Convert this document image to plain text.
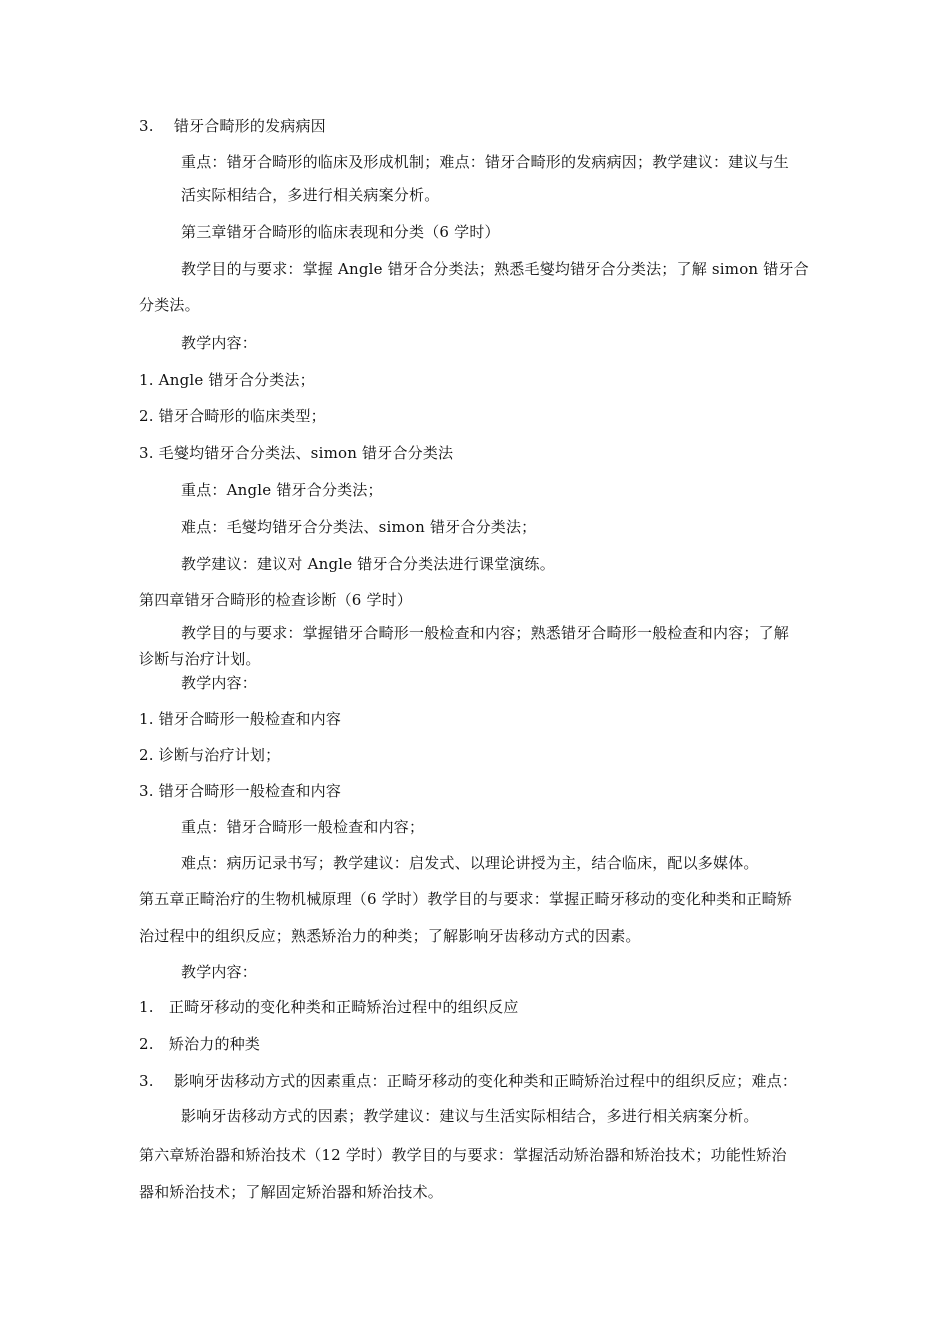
3.　 错牙合畸形的发病病因
重点：错牙合畸形的临床及形成机制；难点：错牙合畸形的发病病因；教学建议：建议与生
活实际相结合，多进行相关病案分析。
第三章错牙合畸形的临床表现和分类（6 学时）
教学目的与要求：掌握 Angle 错牙合分类法；熟悉毛燮均错牙合分类法；了解 simon 错牙合
分类法。
教学内容：
1. Angle 错牙合分类法；
2. 错牙合畸形的临床类型；
3. 毛燮均错牙合分类法、simon 错牙合分类法
重点：Angle 错牙合分类法；
难点：毛燮均错牙合分类法、simon 错牙合分类法；
教学建议：建议对 Angle 错牙合分类法进行课堂演练。
第四章错牙合畸形的检查诊断（6 学时）
教学目的与要求：掌握错牙合畸形一般检查和内容；熟悉错牙合畸形一般检查和内容；了解
诊断与治疗计划。
教学内容：
1. 错牙合畸形一般检查和内容
2. 诊断与治疗计划；
3. 错牙合畸形一般检查和内容
重点：错牙合畸形一般检查和内容；
难点：病历记录书写；教学建议：启发式、以理论讲授为主，结合临床，配以多媒体。
第五章正畸治疗的生物机械原理（6 学时）教学目的与要求：掌握正畸牙移动的变化种类和正畸矫
治过程中的组织反应；熟悉矫治力的种类；了解影响牙齿移动方式的因素。
教学内容：
1.　正畸牙移动的变化种类和正畸矫治过程中的组织反应
2.　矫治力的种类
3.　 影响牙齿移动方式的因素重点：正畸牙移动的变化种类和正畸矫治过程中的组织反应；难点：
影响牙齿移动方式的因素；教学建议：建议与生活实际相结合，多进行相关病案分析。
第六章矫治器和矫治技术（12 学时）教学目的与要求：掌握活动矫治器和矫治技术；功能性矫治
器和矫治技术；了解固定矫治器和矫治技术。
